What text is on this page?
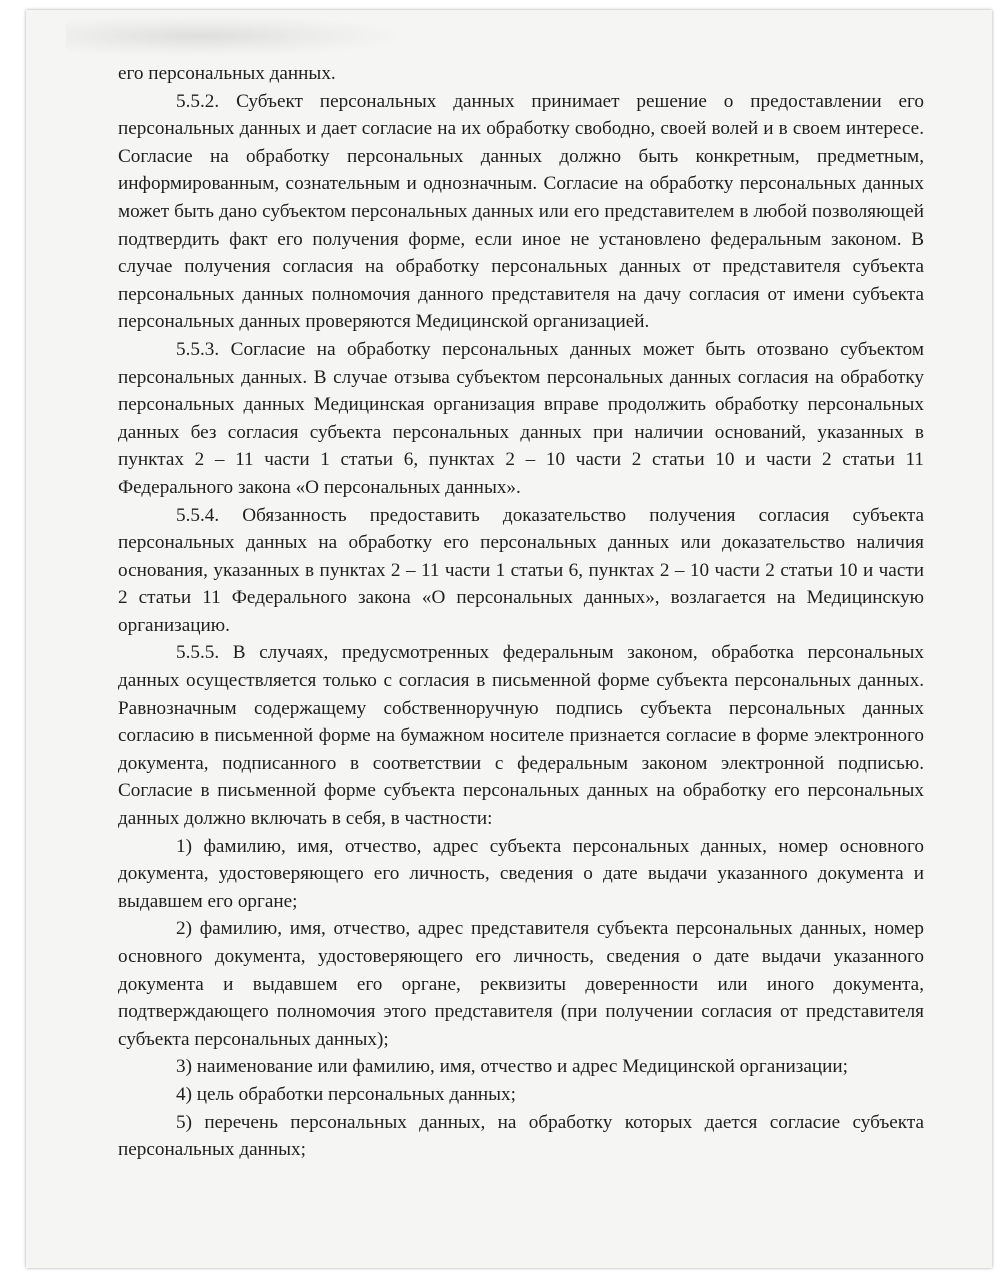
его персональных данных.

5.5.2. Субъект персональных данных принимает решение о предоставлении его персональных данных и дает согласие на их обработку свободно, своей волей и в своем интересе. Согласие на обработку персональных данных должно быть конкретным, предметным, информированным, сознательным и однозначным. Согласие на обработку персональных данных может быть дано субъектом персональных данных или его представителем в любой позволяющей подтвердить факт его получения форме, если иное не установлено федеральным законом. В случае получения согласия на обработку персональных данных от представителя субъекта персональных данных полномочия данного представителя на дачу согласия от имени субъекта персональных данных проверяются Медицинской организацией.

5.5.3. Согласие на обработку персональных данных может быть отозвано субъектом персональных данных. В случае отзыва субъектом персональных данных согласия на обработку персональных данных Медицинская организация вправе продолжить обработку персональных данных без согласия субъекта персональных данных при наличии оснований, указанных в пунктах 2 – 11 части 1 статьи 6, пунктах 2 – 10 части 2 статьи 10 и части 2 статьи 11 Федерального закона «О персональных данных».

5.5.4. Обязанность предоставить доказательство получения согласия субъекта персональных данных на обработку его персональных данных или доказательство наличия основания, указанных в пунктах 2 – 11 части 1 статьи 6, пунктах 2 – 10 части 2 статьи 10 и части 2 статьи 11 Федерального закона «О персональных данных», возлагается на Медицинскую организацию.

5.5.5. В случаях, предусмотренных федеральным законом, обработка персональных данных осуществляется только с согласия в письменной форме субъекта персональных данных. Равнозначным содержащему собственноручную подпись субъекта персональных данных согласию в письменной форме на бумажном носителе признается согласие в форме электронного документа, подписанного в соответствии с федеральным законом электронной подписью. Согласие в письменной форме субъекта персональных данных на обработку его персональных данных должно включать в себя, в частности:

1) фамилию, имя, отчество, адрес субъекта персональных данных, номер основного документа, удостоверяющего его личность, сведения о дате выдачи указанного документа и выдавшем его органе;

2) фамилию, имя, отчество, адрес представителя субъекта персональных данных, номер основного документа, удостоверяющего его личность, сведения о дате выдачи указанного документа и выдавшем его органе, реквизиты доверенности или иного документа, подтверждающего полномочия этого представителя (при получении согласия от представителя субъекта персональных данных);

3) наименование или фамилию, имя, отчество и адрес Медицинской организации;

4) цель обработки персональных данных;

5) перечень персональных данных, на обработку которых дается согласие субъекта персональных данных;
